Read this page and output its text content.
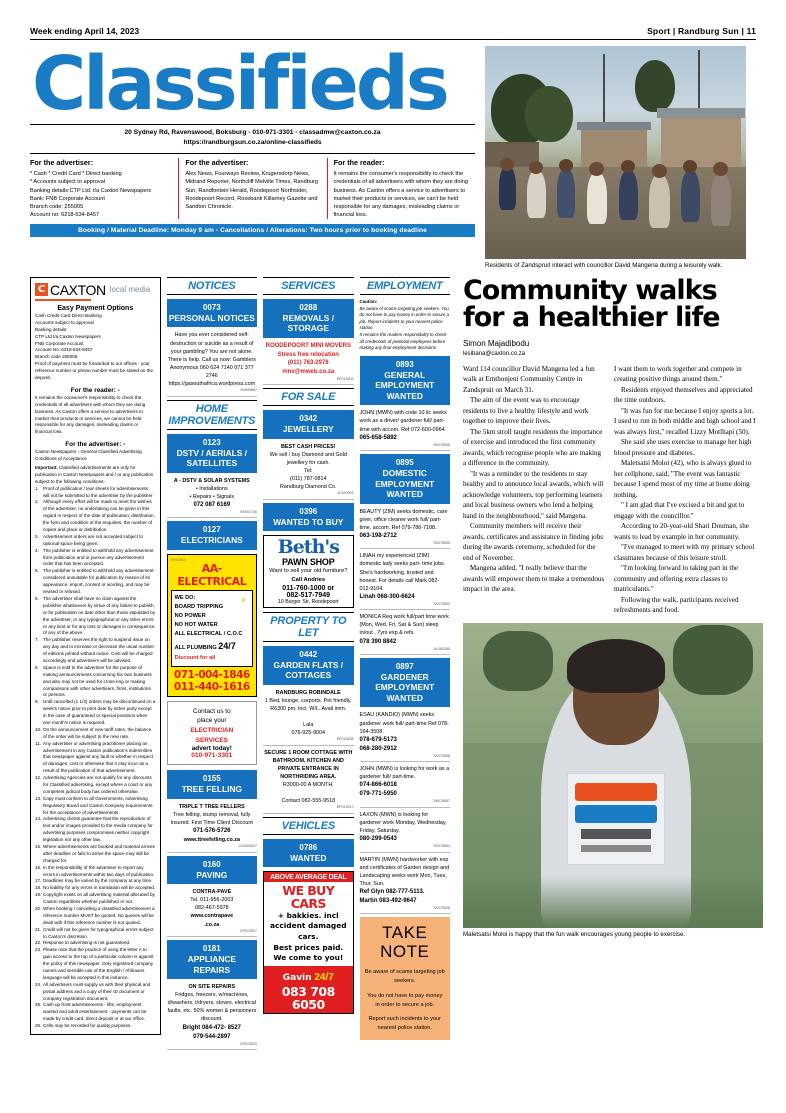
Week ending April 14, 2023	Sport | Randburg Sun | 11
Classifieds
20 Sydney Rd, Ravenswood, Boksburg - 010-971-3301 - classadmw@caxton.co.za
https://randburgsun.co.za/online-classifieds
For the advertiser:
* Cash * Credit Card * Direct banking
* Accounts subject to approval
Banking details:CTP Ltd. t/a Caxton Newspapers
Bank: FNB Corporate Account
Branch code: 255005
Account no: 6218-634-8457
For the advertiser:
Alex News, Fourways Review, Krugersdorp News, Midrand Reporter, Northcliff Melville Times, Randburg Sun, Randfontein Herald, Roodepoort Northsider, Roodepoort Record, Rosebank Killarney Gazette and Sandton Chronicle.
For the reader:
It remains the consumer's responsibility to check the credentials of all advertisers with whom they are doing business. As Caxton offers a service to advertisers to market their products or services, we can't be held responsible for any damages, misleading claims or financial loss.
Booking / Material Deadline: Monday 9 am - Cancellations / Alterations: Two hours prior to booking deadline
Residents of Zandspruit interact with councillor David Mangena during a leisurely walk.
C CAXTON local media
Easy Payment Options
Cash Credit Card Direct Banking
Accounts subject to approval
Banking details:
CTP Ltd t/a Caxton Newspapers
FNB Corporate Account
Account No: 6218-634-8457
Branch code 255005
Proof of payment must be forwarded to our offices - your reference number or phone number must be stated on the deposit.
For the reader: -
It remains the consumer's responsibility to check the credentials of all advertisers with whom they are doing business. As Caxton offers a service to advertisers to market their products or services, we cannot be held responsible for any damages, misleading claims or financial loss.
For the advertiser: -
Caxton Newspapers - General Classified Advertising Conditions of Acceptance
Important: Classified advertisements are only for publication in Caxton Newspapers and / or any publication subject to the following conditions:
1. Proof of publication / tear sheets for advertisements will not be submitted to the advertiser by the publisher
2. Although every effort will be made to meet the wishes of the advertiser, no undertaking can be given in this regard in respect of the date of publication, distribution, the form and condition of the enquiries, the number of copies and place or distribution.
3. Advertisement orders are not accepted subject to optional space being given.
4. The publisher is entitled to withhold any advertisement from publication and or pursue any advertisement order that has been accepted.
5. The publisher is entitled to withhold any advertisement considered unsuitable for publication by reason of its appearance, import, content or wording, and may be revised or refused.
6. The advertiser shall have no claim against the publisher whatsoever by virtue of any failure to publish, or for publication on date other than those stipulated by the advertiser, or any typographical or any other errors or any kind or for any loss or damages in consequence of any of the above.
7. The publisher reserves the right to suspend issue on any day and to increase or decrease the usual number of editions printed without notice. Cost will be charged accordingly and advertisers will be advised.
8. Space is sold to the advertiser for the purpose of making announcements concerning his own business and also may not be used for cross-ring or making comparisons with other advertisers, firms, institutions or persons.
9. Until cancelled (1 1/2) orders may be discontinued on a week's notice prior to print date by either party except in the case of guaranteed or special positions when one month's notice is required.
10. On the announcement of new tariff rates, the balance of the order will be subject to the new rate.
11. Any advertiser or advertising practitioner placing an advertisement in any Caxton publication's indemnities that newspaper against any fault to whether in respect of damages, cost or otherwise that it may incur as a result of the publication of that advertisement.
12. Advertising Agencies are not qualify for any discounts for Classified advertising, except where a court or any competent judicial body has ordered otherwise.
13. Copy must conform to all Governments, Advertising Regulatory Board and Caxton Company requirements for the acceptance of advertisements.
14. Advertising clients guarantee that the reproduction of text and/or images provided to the media company for advertising purposes compromises neither copyright legislation nor any other law.
15. Where advertisements are booked and material arrives after deadline or fails to arrive the space may still be charged for.
16. In the responsibility of the advertiser to report any errors in advertisements within two days of publication.
17. Deadlines may be varied by the company at any time.
18. No liability for any errors in translation will be accepted.
19. Copyright exists on all advertising material allocated by Caxton regardless whether published or not.
20. When booking / cancelling a classified advertisement a reference number MUST be quoted. No queries will be dealt with if this reference number is not quoted.
21. Credit will not be given for typographical errors subject to Caxton's discretion.
22. Response to advertising is not guaranteed.
23. Please note that the practice of using the letter A to gain access to the top of a particular column is against the policy of this newspaper. Only registered company names and sensible use of the English / Afrikaans language will be accepted in this instance.
24. All advertisers must supply us with their physical and postal address and a copy of their ID document or company registration document.
25. Cash up front advertisements - lifts, employment wanted and adult entertainment - payments can be made by credit card, direct deposit or at our office.
26. Cells may be recorded for quality purposes.
NOTICES
0073
PERSONAL NOTICES
Have you ever considered self-destruction or suicide as a result of your gambling? You are not alone. There is help. Call us now: Gamblers Anonymous 060 624 7140 071 377 2746 https://gasouthafrica.wordpress.com
ZH099887
HOME IMPROVEMENTS
0123
DSTV / AERIALS / SATELLITES
A - DSTV & SOLAR SYSTEMS
• Installations
• Repairs • Signals
072 087 6169
KE001746
0127
ELECTRICIANS
EP013910
AA-ELECTRICAL
WE DO:
BOARD TRIPPING
NO POWER
NO HOT WATER
ALL ELECTRICAL / C.O.C
ALL PLUMBING 24/7
Discount for all
⚡
071-004-1846
011-440-1616
Contact us to
place your
ELECTRICIAN
SERVICES
advert today!
010-971-3301
0155
TREE FELLING
TRIPLE T TREE FELLERS
Tree felling, stump removal, fully insured. First Time Client Discount
071-576-5726
www.ttreefelling.co.za
JLD405937
0160
PAVING
CONTRA-PAVE
Tel. 011-956-2003
082-467-5978
www.contrapave
.co.za
EP013927
0181
APPLIANCE REPAIRS
ON SITE REPAIRS
Fridges, freezers, w/machines, d/washers, t/dryers, stoves, electrical faults, etc. 50% women & pensioners discount.
Bright 084-472- 8527
079-544-2897
EP013525
SERVICES
0288
REMOVALS / STORAGE
ROODEPOORT MINI MOVERS
Stress free relocation
(011) 763-2978
mnv@mweb.co.za
EP013502
FOR SALE
0342
JEWELLERY
BEST CASH PRICES!
We sell / buy Diamond and Gold jewellery for cash.
Tel:
(011) 787-0814
Randburg Diamond Co.
JL0A0993
0396
WANTED TO BUY
Beth's
PAWN SHOP

Want to sell your old furniture?

Call Andries

011-760-1000 or
082-517-7949
10 Burger Str, Roodepoort
PROPERTY TO LET
0442
GARDEN FLATS / COTTAGES
RANDBURG ROBINDALE
1 Bed, lounge, carports. Pet friendly. R6300 pm, incl. W/L. Avail imm.

Lala
076-925-9004
EP013928
SECURE 1 ROOM COTTAGE WITH BATHROOM, KITCHEN AND PRIVATE ENTRANCE IN NORTHRIDING AREA.
R3000-00 A MONTH.

Contact 082-555-9518
EP013917
VEHICLES
0786
WANTED
ABOVE AVERAGE DEAL
WE BUY CARS
+ bakkies. incl
accident damaged cars.
Best prices paid.
We come to you!
Gavin 24/7
083 708 6050
EMPLOYMENT
Caution:
Be aware of scams targeting job seekers. You do not have to pay money in order to secure a job. Report incidents to your nearest police station.
It remains the readers responsibility to check all credentials of potential employees before making any final employment decisions.
0893
GENERAL EMPLOYMENT WANTED
JOHN (MWN) with code 10 lic seeks work as a driver/ gardener full/ part-time with accom. Ref 072-600-0964.
065-658-5892
SK078558
0895
DOMESTIC EMPLOYMENT WANTED
BEAUTY (ZIM) seeks domestic, care giver, office cleaner work full/ part- time, accom. Ref 079-786-7108.
063-198-2712
SK078559
LINAH my experienced (ZIM) domestic lady seeks part- time jobs. She's hardworking, trusted and honest. For details call Mark 082-012-9104.
Linah 068-300-6624
SK078552
MONICA Req work full/part time work (Mon, Wed, Fri, Sat & Sun) sleep in/out , 7yrs exp & refs.
078 390 8842
AL063285
0897
GARDENER EMPLOYMENT WANTED
ESAU (KANDIO) (MWN) seeks gardener work full/ part-time Ref 078-164-3508.
078-679-5173
068-280-2912
SK079558
JOHN (MWN) is looking for work as a gardener full/ part-time.
074-866-6018
079-771-5950
SK078557
LAXON (MWN) is looking for gardener work Monday, Wednesday, Friday, Saturday.
080-299-0543
SK078554
MARTIN (MWN) hardworker with exp and certificates of Garden design and Landscaping seeks work Mon, Tues, Thur, Sun.
Ref Glyn 082-777-5113.
Martin 083-492-9647
SK079528
TAKE
NOTE

Be aware of scams targeting job seekers.

You do not have to pay money in order to secure a job.

Report such incidents to your nearest police station.

Community walks for a healthier life
Simon Majadibodu
lesibana@caxton.co.za

Ward 114 councillor David Mangena led a fun walk at Emthonjeni Community Centre in Zandspruit on March 31.

The aim of the event was to encourage residents to live a healthy lifestyle and work together to improve their lives.

The 5km stroll taught residents the importance of exercise and introduced the first community awards, which recognise people who are making a difference in the community.

"It was a reminder to the residents to stay healthy and to announce local awards, which will acknowledge volunteers, top performing learners and local business owners who lend a helping hand in the neighbourhood," said Mangena.

Community members will receive their awards, certificates and assistance in finding jobs during the awards ceremony, scheduled for the end of November.

Mangena added, "I really believe that the awards will empower them to make a tremendous impact in the area.

I want them to work together and compete in creating positive things around them."

Residents enjoyed themselves and appreciated the time outdoors.

"It was fun for me because I enjoy sports a lot. I used to run in both middle and high school and I was always first," recalled Lizzy Motlhapi (50).

She said she uses exercise to manage her high blood pressure and diabetes.

Maletsatsi Moloi (42), who is always glued to her cellphone, said, "The event was fantastic because I spend most of my time at home doing nothing.

" I am glad that I've excised a bit and got to engage with the councillor."

According to 20-year-old Shari Douman, she wants to lead by example in her community.

"I've managed to meet with my primary school classmates because of this leisure stroll.

"I'm looking forward to taking part in the community and offering extra classes to matriculants."

Following the walk, participants received refreshments and food.

Maletsatsi Moloi is happy that the fun walk encourages young people to exercise.
